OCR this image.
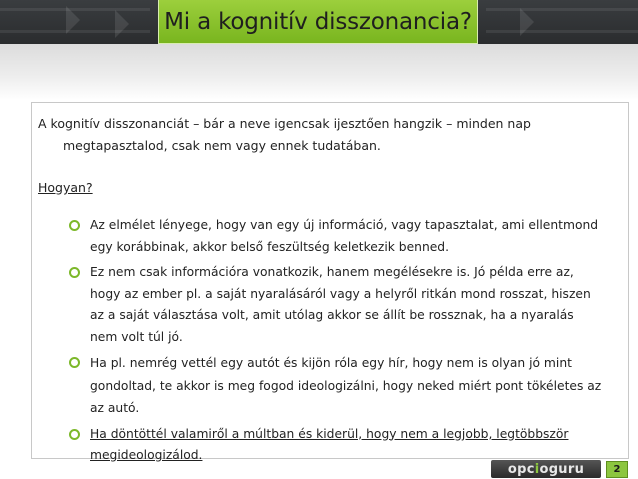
Mi a kognitív disszonancia?

A kognitív disszonanciát – bár a neve igencsak ijesztően hangzik – minden nap
megtapasztalod, csak nem vagy ennek tudatában.

Hogyan?

Az elmélet lényege, hogy van egy új információ, vagy tapasztalat, ami ellentmond egy korábbinak, akkor belső feszültség keletkezik benned.
Ez nem csak információra vonatkozik, hanem megélésekre is. Jó példa erre az, hogy az ember pl. a saját nyaralásáról vagy a helyről ritkán mond rosszat, hiszen az a saját választása volt, amit utólag akkor se állít be rossznak, ha a nyaralás nem volt túl jó.
Ha pl. nemrég vettél egy autót és kijön róla egy hír, hogy nem is olyan jó mint gondoltad, te akkor is meg fogod ideologizálni, hogy neked miért pont tökéletes az az autó.
Ha döntöttél valamiről a múltban és kiderül, hogy nem a legjobb, legtöbbször megideologizálod.
opc i oguru	2
